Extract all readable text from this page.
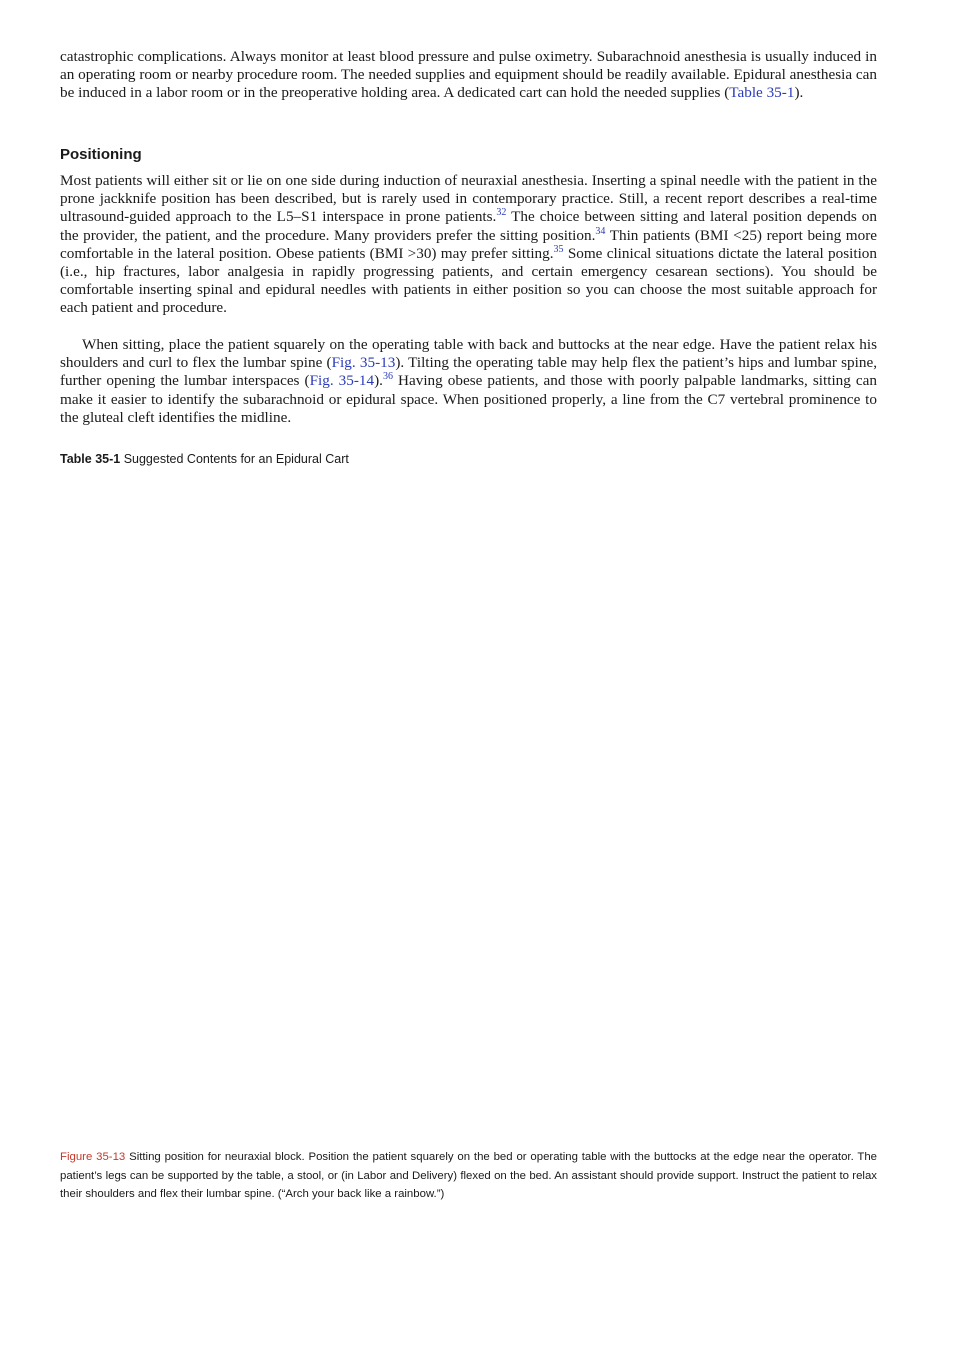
catastrophic complications. Always monitor at least blood pressure and pulse oximetry. Subarachnoid anesthesia is usually induced in an operating room or nearby procedure room. The needed supplies and equipment should be readily available. Epidural anesthesia can be induced in a labor room or in the preoperative holding area. A dedicated cart can hold the needed supplies (Table 35-1).

Positioning

Most patients will either sit or lie on one side during induction of neuraxial anesthesia. Inserting a spinal needle with the patient in the prone jackknife position has been described, but is rarely used in contemporary practice. Still, a recent report describes a real-time ultrasound-guided approach to the L5–S1 interspace in prone patients.$^{32}$ The choice between sitting and lateral position depends on the provider, the patient, and the procedure. Many providers prefer the sitting position.$^{34}$ Thin patients (BMI <25) report being more comfortable in the lateral position. Obese patients (BMI >30) may prefer sitting.$^{35}$ Some clinical situations dictate the lateral position (i.e., hip fractures, labor analgesia in rapidly progressing patients, and certain emergency cesarean sections). You should be comfortable inserting spinal and epidural needles with patients in either position so you can choose the most suitable approach for each patient and procedure.

When sitting, place the patient squarely on the operating table with back and buttocks at the near edge. Have the patient relax his shoulders and curl to flex the lumbar spine (Fig. 35-13). Tilting the operating table may help flex the patient’s hips and lumbar spine, further opening the lumbar interspaces (Fig. 35-14).$^{36}$ Having obese patients, and those with poorly palpable landmarks, sitting can make it easier to identify the subarachnoid or epidural space. When positioned properly, a line from the C7 vertebral prominence to the gluteal cleft identifies the midline.

Table 35-1 Suggested Contents for an Epidural Cart

Figure 35-13 Sitting position for neuraxial block. Position the patient squarely on the bed or operating table with the buttocks at the edge near the operator. The patient’s legs can be supported by the table, a stool, or (in Labor and Delivery) flexed on the bed. An assistant should provide support. Instruct the patient to relax their shoulders and flex their lumbar spine. (“Arch your back like a rainbow.”)
